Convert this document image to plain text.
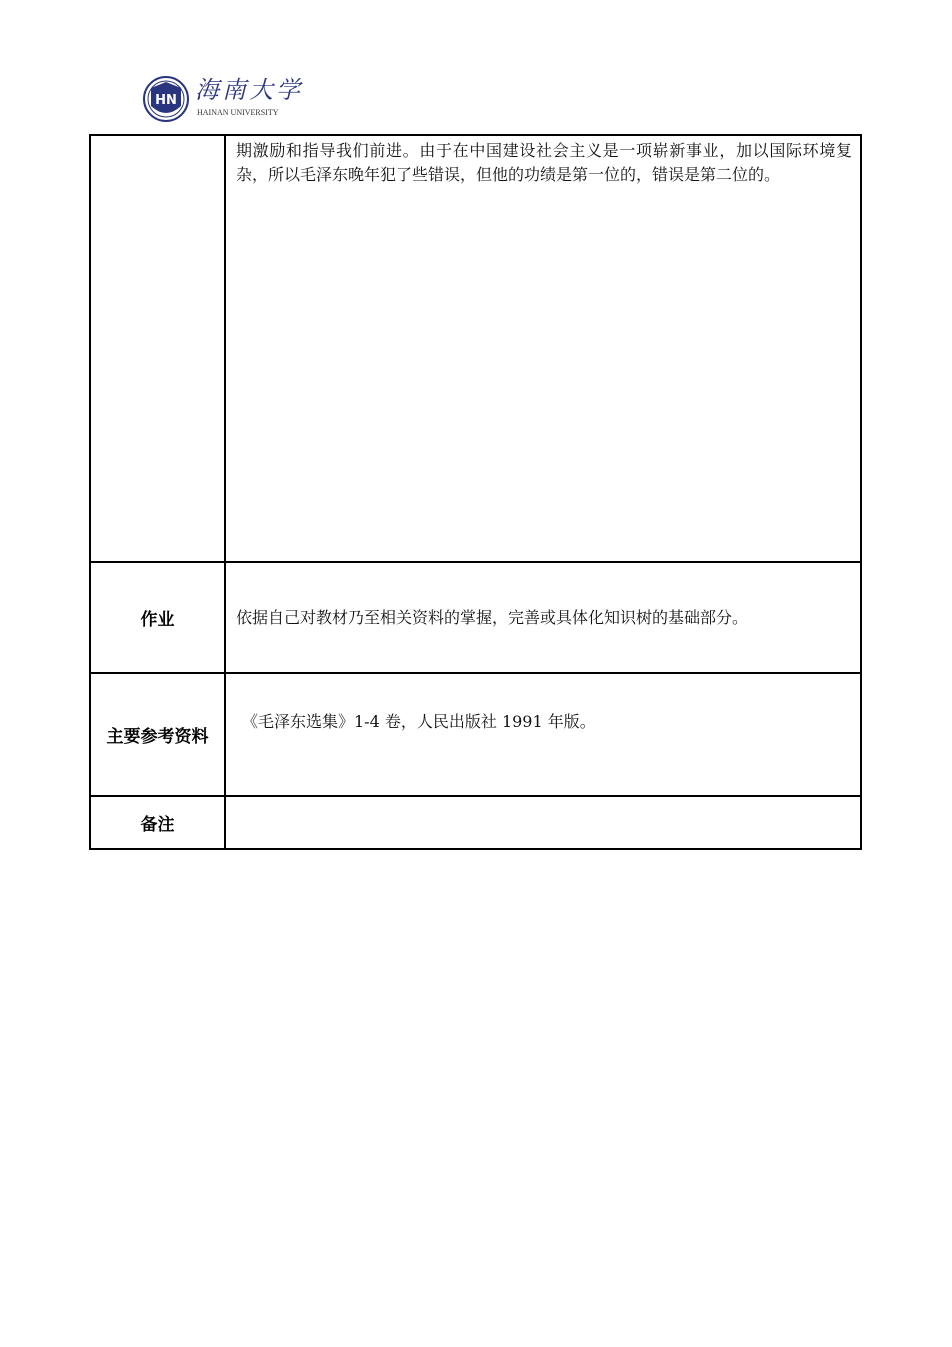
HN 海南大学
HAINAN UNIVERSITY

	期激励和指导我们前进。由于在中国建设社会主义是一项崭新事业，加以国际环境复杂，所以毛泽东晚年犯了些错误，但他的功绩是第一位的，错误是第二位的。

作业	依据自己对教材乃至相关资料的掌握，完善或具体化知识树的基础部分。

主要参考资料	《毛泽东选集》1-4 卷，人民出版社 1991 年版。

备注	
